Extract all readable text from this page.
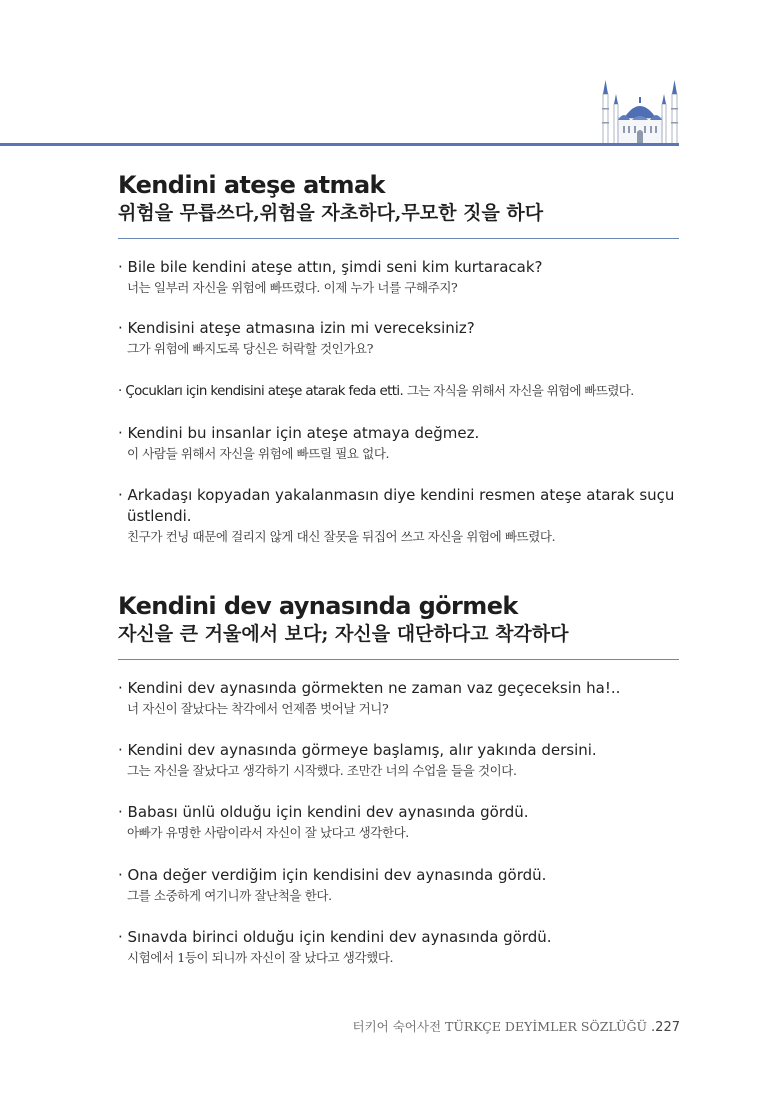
Kendini ateşe atmak
위험을 무릅쓰다,위험을 자초하다,무모한 짓을 하다
· Bile bile kendini ateşe attın, şimdi seni kim kurtaracak?
너는 일부러 자신을 위험에 빠뜨렸다. 이제 누가 너를 구해주지?
· Kendisini ateşe atmasına izin mi vereceksiniz?
그가 위험에 빠지도록 당신은 허락할 것인가요?
· Çocukları için kendisini ateşe atarak feda etti. 그는 자식을 위해서 자신을 위험에 빠뜨렸다.
· Kendini bu insanlar için ateşe atmaya değmez.
이 사람들 위해서 자신을 위험에 빠뜨릴 필요 없다.
· Arkadaşı kopyadan yakalanmasın diye kendini resmen ateşe atarak suçu üstlendi.
친구가 컨닝 때문에 걸리지 않게 대신 잘못을 뒤집어 쓰고 자신을 위험에 빠뜨렸다.
Kendini dev aynasında görmek
자신을 큰 거울에서 보다; 자신을 대단하다고 착각하다
· Kendini dev aynasında görmekten ne zaman vaz geçeceksin ha!..
너 자신이 잘났다는 착각에서 언제쯤 벗어날 거니?
· Kendini dev aynasında görmeye başlamış, alır yakında dersini.
그는 자신을 잘났다고 생각하기 시작했다. 조만간 너의 수업을 들을 것이다.
· Babası ünlü olduğu için kendini dev aynasında gördü.
아빠가 유명한 사람이라서 자신이 잘 났다고 생각한다.
· Ona değer verdiğim için kendisini dev aynasında gördü.
그를 소중하게 여기니까 잘난척을 한다.
· Sınavda birinci olduğu için kendini dev aynasında gördü.
시험에서 1등이 되니까 자신이 잘 났다고 생각했다.
터키어 숙어사전 TÜRKÇE DEYİMLER SÖZLÜĞÜ .227
